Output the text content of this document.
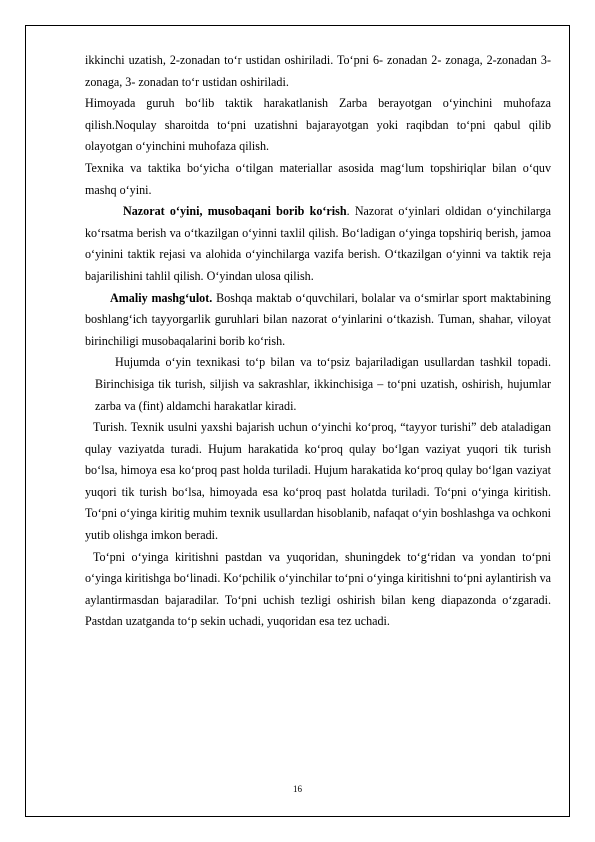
ikkinchi uzatish, 2-zonadan to‘r ustidan oshiriladi. To‘pni 6- zonadan 2- zonaga, 2-zonadan 3- zonaga, 3- zonadan to‘r ustidan oshiriladi.

Himoyada guruh bo‘lib taktik harakatlanish Zarba berayotgan o‘yinchini muhofaza qilish.Noqulay sharoitda to‘pni uzatishni bajarayotgan yoki raqibdan to‘pni qabul qilib olayotgan o‘yinchini muhofaza qilish.

Texnika va taktika bo‘yicha o‘tilgan materiallar asosida mag‘lum topshiriqlar bilan o‘quv mashq o‘yini.

Nazorat o‘yini, musobaqani borib ko‘rish. Nazorat o‘yinlari oldidan o‘yinchilarga ko‘rsatma berish va o‘tkazilgan o‘yinni taxlil qilish. Bo‘ladigan o‘yinga topshiriq berish, jamoa o‘yinini taktik rejasi va alohida o‘yinchilarga vazifa berish. O‘tkazilgan o‘yinni va taktik reja bajarilishini tahlil qilish. O‘yindan ulosa qilish.

Amaliy mashg‘ulot. Boshqa maktab o‘quvchilari, bolalar va o‘smirlar sport maktabining boshlang‘ich tayyorgarlik guruhlari bilan nazorat o‘yinlarini o‘tkazish. Tuman, shahar, viloyat birinchiligi musobaqalarini borib ko‘rish.

Hujumda o‘yin texnikasi to‘p bilan va to‘psiz bajariladigan usullardan tashkil topadi. Birinchisiga tik turish, siljish va sakrashlar, ikkinchisiga – to‘pni uzatish, oshirish, hujumlar zarba va (fint) aldamchi harakatlar kiradi.

Turish. Texnik usulni yaxshi bajarish uchun o‘yinchi ko‘proq, “tayyor turishi” deb ataladigan qulay vaziyatda turadi. Hujum harakatida ko‘proq qulay bo‘lgan vaziyat yuqori tik turish bo‘lsa, himoya esa ko‘proq past holda turiladi. Hujum harakatida ko‘proq qulay bo‘lgan vaziyat yuqori tik turish bo‘lsa, himoyada esa ko‘proq past holatda turiladi. To‘pni o‘yinga kiritish. To‘pni o‘yinga kiritig muhim texnik usullardan hisoblanib, nafaqat o‘yin boshlashga va ochkoni yutib olishga imkon beradi.

To‘pni o‘yinga kiritishni pastdan va yuqoridan, shuningdek to‘g‘ridan va yondan to‘pni o‘yinga kiritishga bo‘linadi. Ko‘pchilik o‘yinchilar to‘pni o‘yinga kiritishni to‘pni aylantirish va aylantirmasdan bajaradilar. To‘pni uchish tezligi oshirish bilan keng diapazonda o‘zgaradi. Pastdan uzatganda to‘p sekin uchadi, yuqoridan esa tez uchadi.

16
